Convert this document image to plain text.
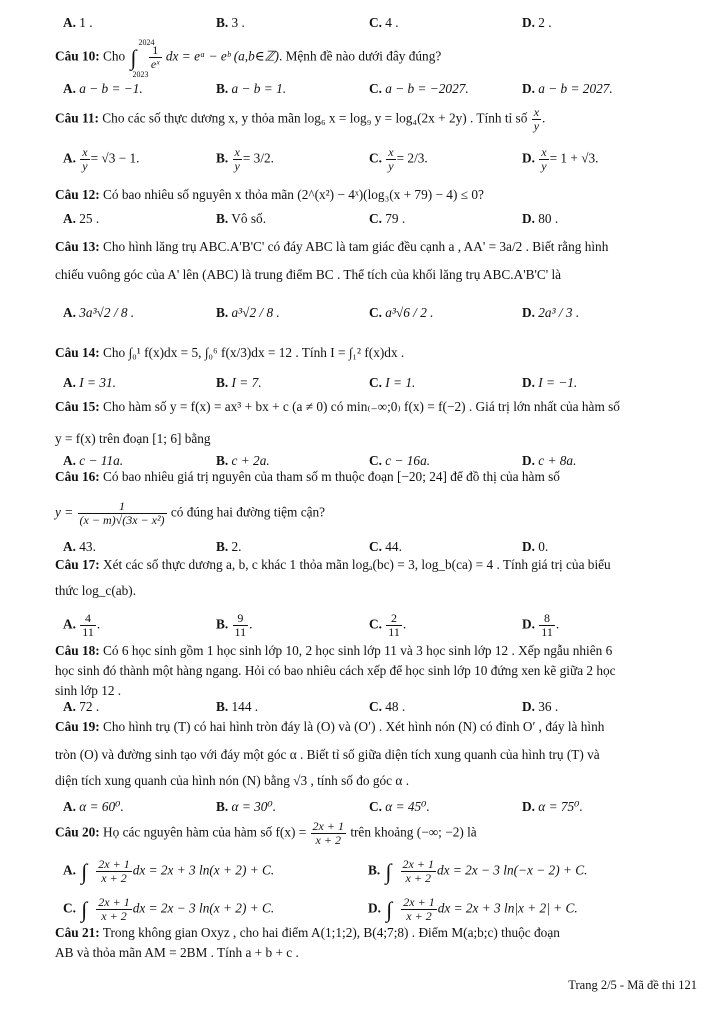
A. 1 .	B. 3 .	C. 4 .	D. 2 .
Câu 10: Cho ∫
2024
2023

$\frac{1}{\text{eˣ}}$ dx = eᵃ − eᵇ (a,b∈ℤ). Mệnh đề nào dưới đây đúng?
A. a − b = −1.	B. a − b = 1.	C. a − b = −2027.	D. a − b = 2027.
Câu 11: Cho các số thực dương x, y thỏa mãn log₆ x = log₉ y = log₄(2x + 2y) . Tính tỉ số $\frac{x}{y}$ .
A. $\frac{x}{y} = √3 - 1$.	B. $\frac{x}{y} = 3/2$.	C. $\frac{x}{y} = 2/3$.	D. $\frac{x}{y} = 1 + √3$.
Câu 12: Có bao nhiêu số nguyên x thỏa mãn (2^(x²) − 4ˣ)(log₃(x + 79) − 4) ≤ 0?
A. 25 .	B. Vô số.	C. 79 .	D. 80 .
Câu 13: Cho hình lăng trụ ABC.A'B'C' có đáy ABC là tam giác đều cạnh a , AA' = 3a/2 . Biết rằng hình
chiếu vuông góc của A' lên (ABC) là trung điểm BC . Thể tích của khối lăng trụ ABC.A'B'C' là
A. 3a³√2 / 8 .	B. a³√2 / 8 .	C. a³√6 / 2 .	D. 2a³ / 3 .
Câu 14: Cho ∫₀¹ f(x)dx = 5, ∫₀⁶ f(x/3)dx = 12 . Tính I = ∫₁² f(x)dx .
A. I = 31.	B. I = 7.	C. I = 1.	D. I = −1.
Câu 15: Cho hàm số y = f(x) = ax³ + bx + c (a ≠ 0) có min₍₋∞;0₎ f(x) = f(−2) . Giá trị lớn nhất của hàm số
y = f(x) trên đoạn [1; 6] bằng
A. c − 11a.	B. c + 2a.	C. c − 16a.	D. c + 8a.
Câu 16: Có bao nhiêu giá trị nguyên của tham số m thuộc đoạn [−20; 24] để đồ thị của hàm số
$y = \frac{1}{\text{(x − m)√(3x − x²)}}$ có đúng hai đường tiệm cận?
A. 43.	B. 2.	C. 44.	D. 0.
Câu 17: Xét các số thực dương a, b, c khác 1 thỏa mãn logₐ(bc) = 3, log_b(ca) = 4 . Tính giá trị của biểu
thức log_c(ab).
A. $\frac{4}{11}$ .	B. $\frac{9}{11}$ .	C. $\frac{2}{11}$ .	D. $\frac{8}{11}$ .
Câu 18: Có 6 học sinh gồm 1 học sinh lớp 10, 2 học sinh lớp 11 và 3 học sinh lớp 12 . Xếp ngẫu nhiên 6
học sinh đó thành một hàng ngang. Hỏi có bao nhiêu cách xếp để học sinh lớp 10 đứng xen kẽ giữa 2 học
sinh lớp 12 .
A. 72 .	B. 144 .	C. 48 .	D. 36 .
Câu 19: Cho hình trụ (T) có hai hình tròn đáy là (O) và (O′) . Xét hình nón (N) có đỉnh O′ , đáy là hình
tròn (O) và đường sinh tạo với đáy một góc α . Biết tỉ số giữa diện tích xung quanh của hình trụ (T) và
diện tích xung quanh của hình nón (N) bằng √3 , tính số đo góc α .
A. α = 60⁰.	B. α = 30⁰.	C. α = 45⁰.	D. α = 75⁰.
Câu 20: Họ các nguyên hàm của hàm số $f(x) = \frac{2x + 1}{x + 2}$ trên khoảng (−∞; −2) là
A. ∫ $\frac{2x + 1}{x + 2}$ dx = 2x + 3 ln(x + 2) + C.	B. ∫ $\frac{2x + 1}{x + 2}$ dx = 2x − 3 ln(−x − 2) + C.
C. ∫ $\frac{2x + 1}{x + 2}$ dx = 2x − 3 ln(x + 2) + C.	D. ∫ $\frac{2x + 1}{x + 2}$ dx = 2x + 3 ln|x + 2| + C.
Câu 21: Trong không gian Oxyz , cho hai điểm A(1;1;2), B(4;7;8) . Điểm M(a;b;c) thuộc đoạn
AB và thỏa mãn AM = 2BM . Tính a + b + c .
Trang 2/5 - Mã đề thi 121
